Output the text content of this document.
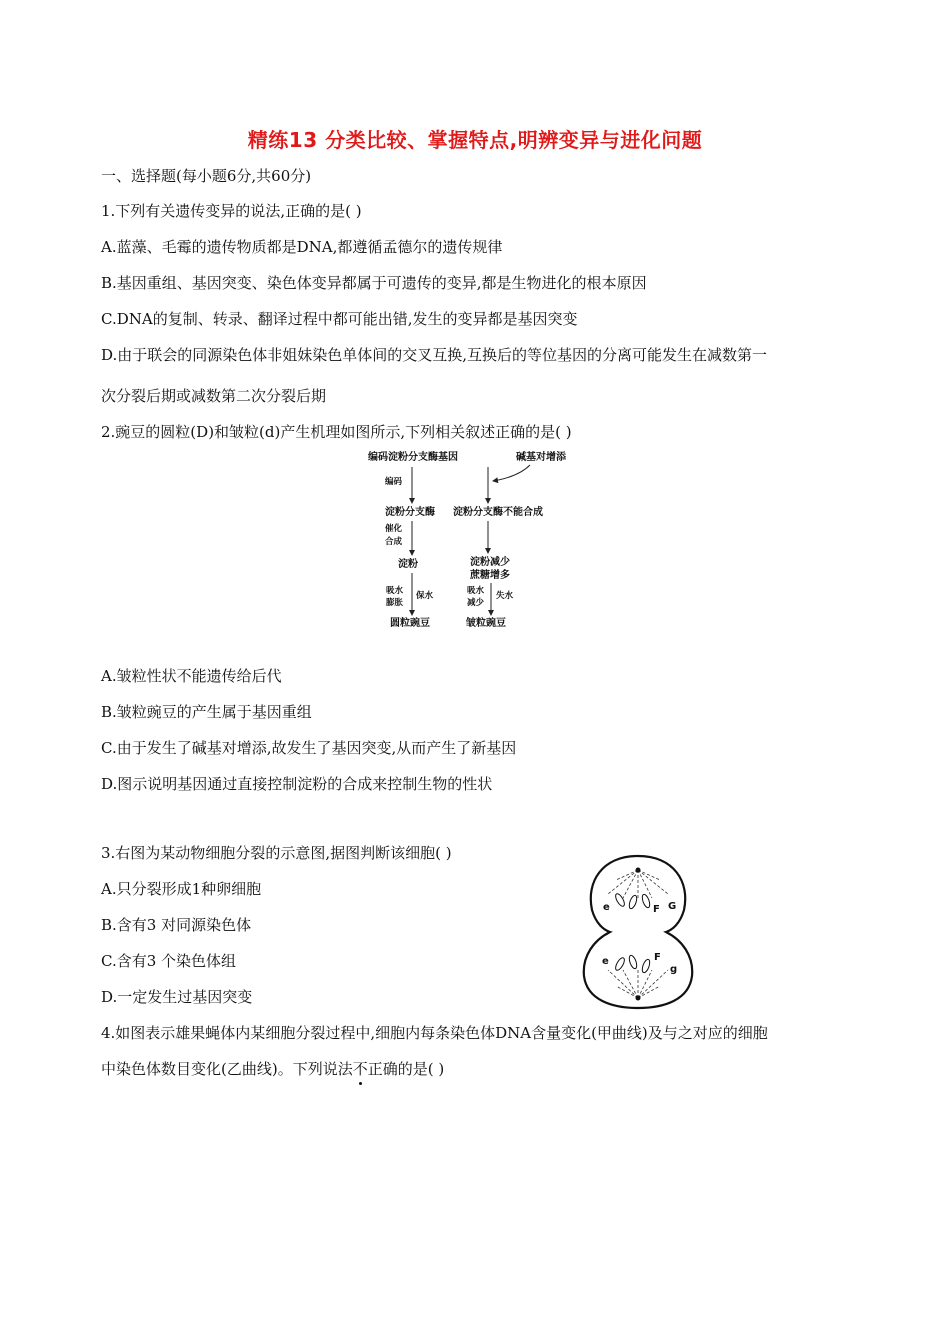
精练13 分类比较、掌握特点,明辨变异与进化问题
一、选择题(每小题6分,共60分)
1.下列有关遗传变异的说法,正确的是( )
A.蓝藻、毛霉的遗传物质都是DNA,都遵循孟德尔的遗传规律
B.基因重组、基因突变、染色体变异都属于可遗传的变异,都是生物进化的根本原因
C.DNA的复制、转录、翻译过程中都可能出错,发生的变异都是基因突变
D.由于联会的同源染色体非姐妹染色单体间的交叉互换,互换后的等位基因的分离可能发生在减数第一
次分裂后期或减数第二次分裂后期
2.豌豆的圆粒(D)和皱粒(d)产生机理如图所示,下列相关叙述正确的是( )
编码淀粉分支酶基因	碱基对增添
编码
淀粉分支酶 淀粉分支酶不能合成
催化
合成
淀粉	淀粉减少
蔗糖增多
吸水
膨胀
保水	吸水
减少
失水
圆粒豌豆	皱粒豌豆
A.皱粒性状不能遗传给后代
B.皱粒豌豆的产生属于基因重组
C.由于发生了碱基对增添,故发生了基因突变,从而产生了新基因
D.图示说明基因通过直接控制淀粉的合成来控制生物的性状
3.右图为某动物细胞分裂的示意图,据图判断该细胞( )
A.只分裂形成1种卵细胞
B.含有3 对同源染色体
C.含有3 个染色体组
D.一定发生过基因突变
e	F G
e	F
g
4.如图表示雄果蝇体内某细胞分裂过程中,细胞内每条染色体DNA含量变化(甲曲线)及与之对应的细胞
中染色体数目变化(乙曲线)。下列说法不正确的是( )
